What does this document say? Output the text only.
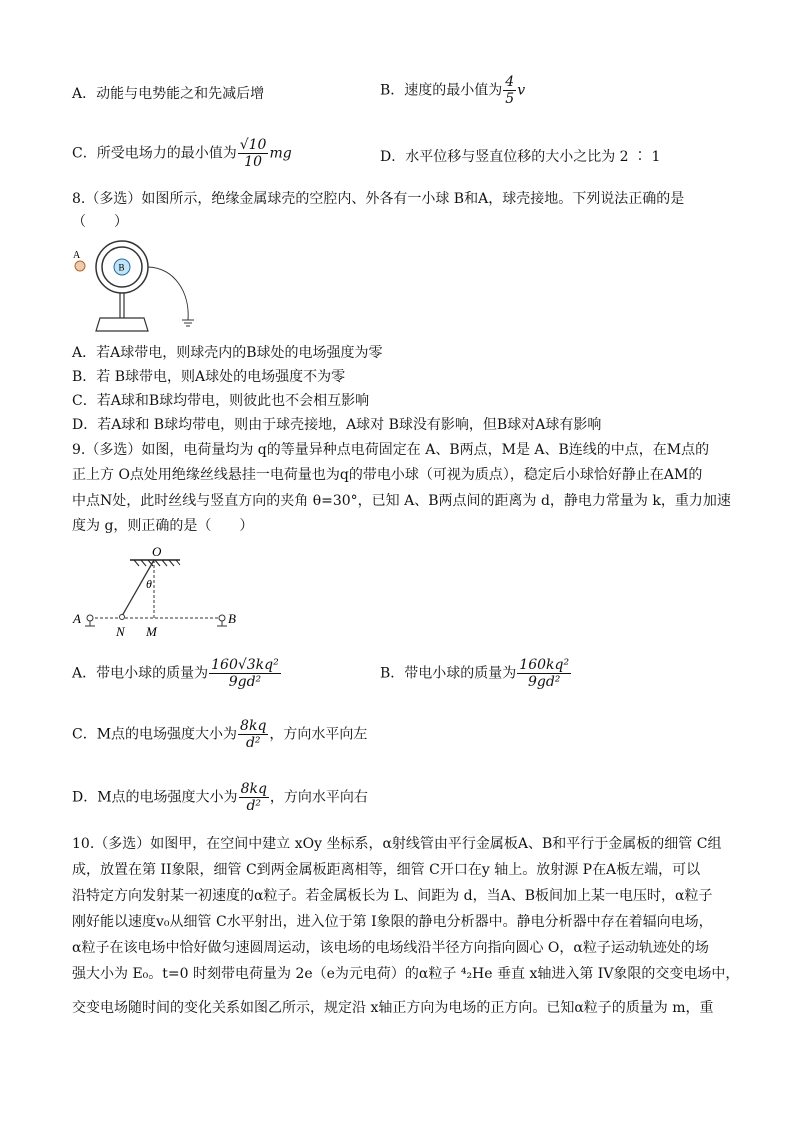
A．动能与电势能之和先减后增	B．速度的最小值为 $\frac{4}{5}$ v
C．所受电场力的最小值为 $\frac{√10}{10}$ mg	D．水平位移与竖直位移的大小之比为 2 ∶ 1
8.（多选）如图所示，绝缘金属球壳的空腔内、外各有一小球 B和A，球壳接地。下列说法正确的是
（　　）
A
B
A．若A球带电，则球壳内的B球处的电场强度为零
B．若 B球带电，则A球处的电场强度不为零
C．若A球和B球均带电，则彼此也不会相互影响
D．若A球和 B球均带电，则由于球壳接地，A球对 B球没有影响，但B球对A球有影响
9.（多选）如图，电荷量均为 q的等量异种点电荷固定在 A、B两点，M是 A、B连线的中点，在M点的
正上方 O点处用绝缘丝线悬挂一电荷量也为q的带电小球（可视为质点），稳定后小球恰好静止在AM的
中点N处，此时丝线与竖直方向的夹角 θ=30°，已知 A、B两点间的距离为 d，静电力常量为 k，重力加速
度为 g，则正确的是（　　）
O
θ
A
N M
B
A．带电小球的质量为 $\frac{\text{160√3kq²}}{\text{9gd²}}$	B．带电小球的质量为 $\frac{\text{160kq²}}{\text{9gd²}}$
C．M点的电场强度大小为 $\frac{8kq}{\text{d²}}$ ，方向水平向左
D．M点的电场强度大小为 $\frac{8kq}{\text{d²}}$ ，方向水平向右
10.（多选）如图甲，在空间中建立 xOy 坐标系，α射线管由平行金属板A、B和平行于金属板的细管 C组
成，放置在第 II象限，细管 C到两金属板距离相等，细管 C开口在y 轴上。放射源 P在A板左端，可以
沿特定方向发射某一初速度的α粒子。若金属板长为 L、间距为 d，当A、B板间加上某一电压时，α粒子
刚好能以速度v₀从细管 C水平射出，进入位于第 I象限的静电分析器中。静电分析器中存在着辐向电场，
α粒子在该电场中恰好做匀速圆周运动，该电场的电场线沿半径方向指向圆心 O，α粒子运动轨迹处的场
强大小为 E₀。t=0 时刻带电荷量为 2e（e为元电荷）的α粒子 ⁴₂He 垂直 x轴进入第 IV象限的交变电场中，
交变电场随时间的变化关系如图乙所示，规定沿 x轴正方向为电场的正方向。已知α粒子的质量为 m，重
